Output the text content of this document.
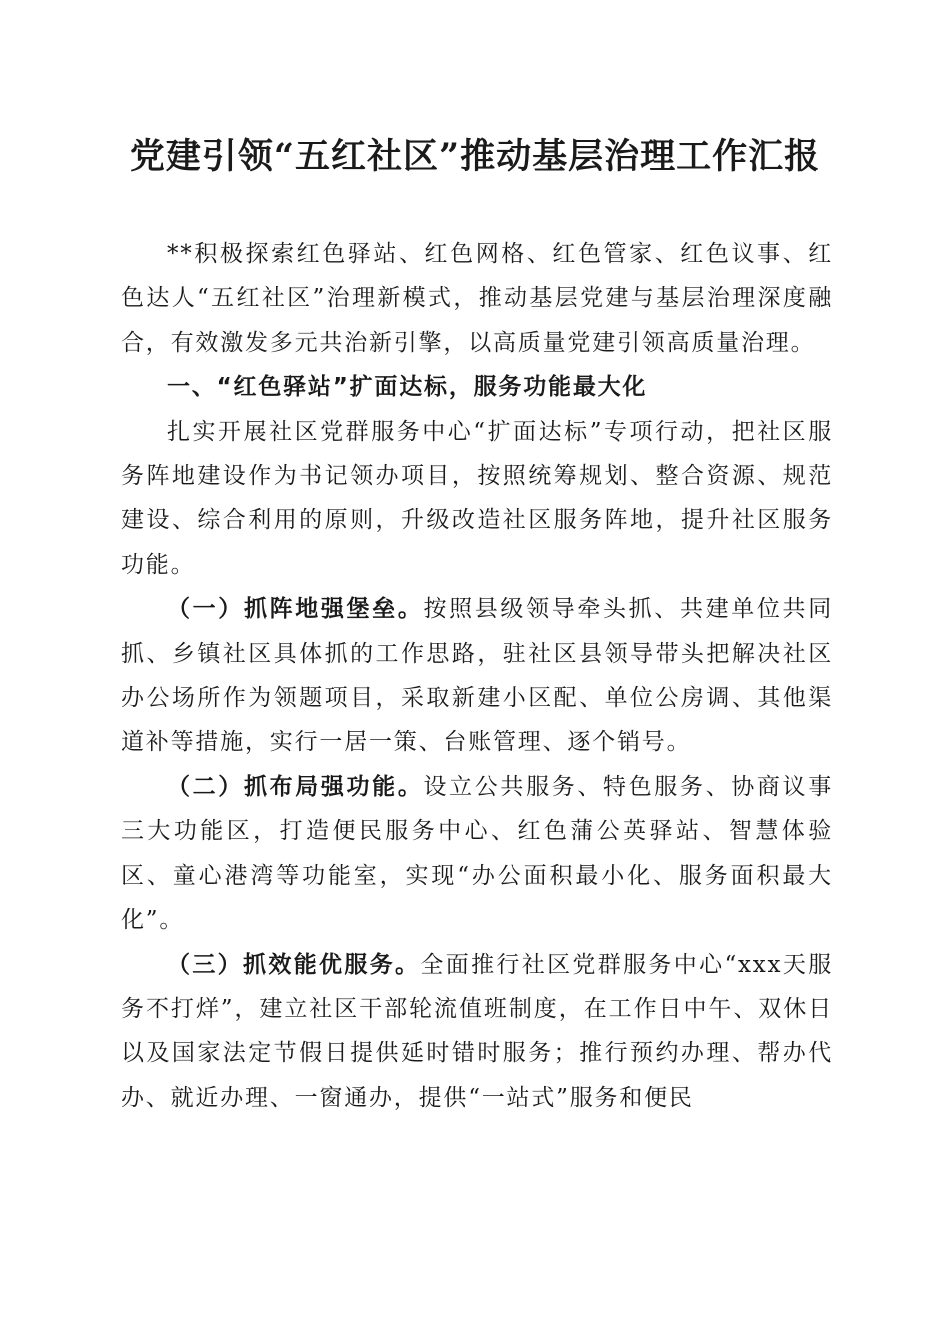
党建引领“五红社区”推动基层治理工作汇报

**积极探索红色驿站、红色网格、红色管家、红色议事、红色达人“五红社区”治理新模式，推动基层党建与基层治理深度融合，有效激发多元共治新引擎，以高质量党建引领高质量治理。

一、“红色驿站”扩面达标，服务功能最大化

扎实开展社区党群服务中心“扩面达标”专项行动，把社区服务阵地建设作为书记领办项目，按照统筹规划、整合资源、规范建设、综合利用的原则，升级改造社区服务阵地，提升社区服务功能。

（一）抓阵地强堡垒。按照县级领导牵头抓、共建单位共同抓、乡镇社区具体抓的工作思路，驻社区县领导带头把解决社区办公场所作为领题项目，采取新建小区配、单位公房调、其他渠道补等措施，实行一居一策、台账管理、逐个销号。

（二）抓布局强功能。设立公共服务、特色服务、协商议事三大功能区，打造便民服务中心、红色蒲公英驿站、智慧体验区、童心港湾等功能室，实现“办公面积最小化、服务面积最大化”。

（三）抓效能优服务。全面推行社区党群服务中心“xxx天服务不打烊”，建立社区干部轮流值班制度，在工作日中午、双休日以及国家法定节假日提供延时错时服务；推行预约办理、帮办代办、就近办理、一窗通办，提供“一站式”服务和便民
